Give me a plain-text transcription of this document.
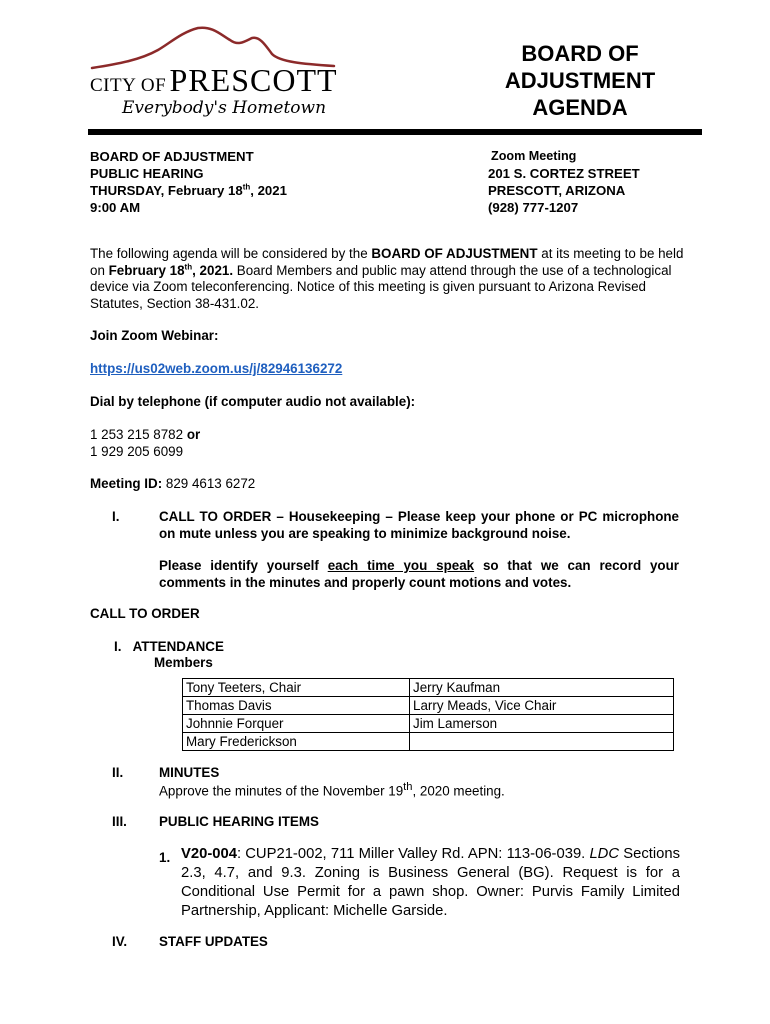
CITY OF PRESCOTT
Everybody's Hometown
BOARD OF
ADJUSTMENT
AGENDA
BOARD OF ADJUSTMENT
PUBLIC HEARING
THURSDAY, February 18th, 2021
9:00 AM
Zoom Meeting
201 S. CORTEZ STREET
PRESCOTT, ARIZONA
(928) 777-1207

The following agenda will be considered by the BOARD OF ADJUSTMENT at its meeting to be held on February 18th, 2021. Board Members and public may attend through the use of a technological device via Zoom teleconferencing. Notice of this meeting is given pursuant to Arizona Revised Statutes, Section 38-431.02.

Join Zoom Webinar:
https://us02web.zoom.us/j/82946136272
Dial by telephone (if computer audio not available):
1 253 215 8782 or
1 929 205 6099
Meeting ID: 829 4613 6272
I.	CALL TO ORDER – Housekeeping – Please keep your phone or PC microphone on mute unless you are speaking to minimize background noise.

Please identify yourself each time you speak so that we can record your comments in the minutes and properly count motions and votes.

CALL TO ORDER
I. ATTENDANCE
Members
Tony Teeters, Chair	Jerry Kaufman
Thomas Davis	Larry Meads, Vice Chair
Johnnie Forquer	Jim Lamerson
Mary Frederickson	
II.	MINUTES
Approve the minutes of the November 19th, 2020 meeting.
III. PUBLIC HEARING ITEMS
1. V20-004: CUP21-002, 711 Miller Valley Rd. APN: 113-06-039. LDC Sections 2.3, 4.7, and 9.3. Zoning is Business General (BG). Request is for a Conditional Use Permit for a pawn shop. Owner: Purvis Family Limited Partnership, Applicant: Michelle Garside.

IV. STAFF UPDATES
